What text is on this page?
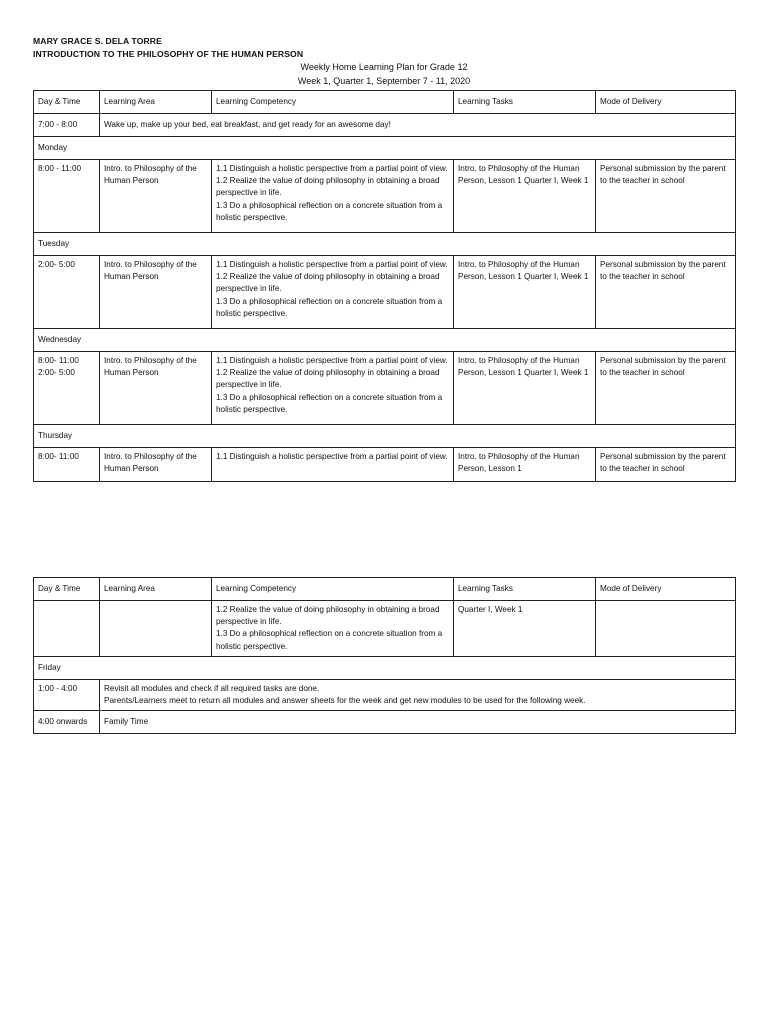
MARY GRACE S. DELA TORRE
INTRODUCTION TO THE PHILOSOPHY OF THE HUMAN PERSON
Weekly Home Learning Plan for Grade 12
Week 1, Quarter 1, September 7 - 11, 2020
Day & Time	Learning Area	Learning Competency	Learning Tasks	Mode of Delivery
7:00 - 8:00	Wake up, make up your bed, eat breakfast, and get ready for an awesome day!			
Monday				

8:00 - 11:00	Intro. to Philosophy of the Human Person	1.1 Distinguish a holistic perspective from a partial point of view.
1.2 Realize the value of doing philosophy in obtaining a broad perspective in life.
1.3 Do a philosophical reflection on a concrete situation from a holistic perspective.	Intro. to Philosophy of the Human Person, Lesson 1 Quarter I, Week 1	Personal submission by the parent to the teacher in school
Tuesday				

2:00- 5:00	Intro. to Philosophy of the Human Person	1.1 Distinguish a holistic perspective from a partial point of view.
1.2 Realize the value of doing philosophy in obtaining a broad perspective in life.
1.3 Do a philosophical reflection on a concrete situation from a holistic perspective.	Intro. to Philosophy of the Human Person, Lesson 1 Quarter I, Week 1	Personal submission by the parent to the teacher in school
Wednesday				

8:00- 11:00
2:00- 5:00	Intro. to Philosophy of the Human Person	1.1 Distinguish a holistic perspective from a partial point of view.
1.2 Realize the value of doing philosophy in obtaining a broad perspective in life.
1.3 Do a philosophical reflection on a concrete situation from a holistic perspective.	Intro. to Philosophy of the Human Person, Lesson 1 Quarter I, Week 1	Personal submission by the parent to the teacher in school
Thursday				

8:00- 11:00	Intro. to Philosophy of the Human Person	1.1 Distinguish a holistic perspective from a partial point of view.	Intro. to Philosophy of the Human Person, Lesson 1	Personal submission by the parent to the teacher in school
Day & Time	Learning Area	Learning Competency	Learning Tasks	Mode of Delivery

		1.2 Realize the value of doing philosophy in obtaining a broad perspective in life.
1.3 Do a philosophical reflection on a concrete situation from a holistic perspective.	Quarter I, Week 1	
Friday				
1:00 - 4:00	Revisit all modules and check if all required tasks are done.
Parents/Learners meet to return all modules and answer sheets for the week and get new modules to be used for the following week.			

4:00 onwards	Family Time			
